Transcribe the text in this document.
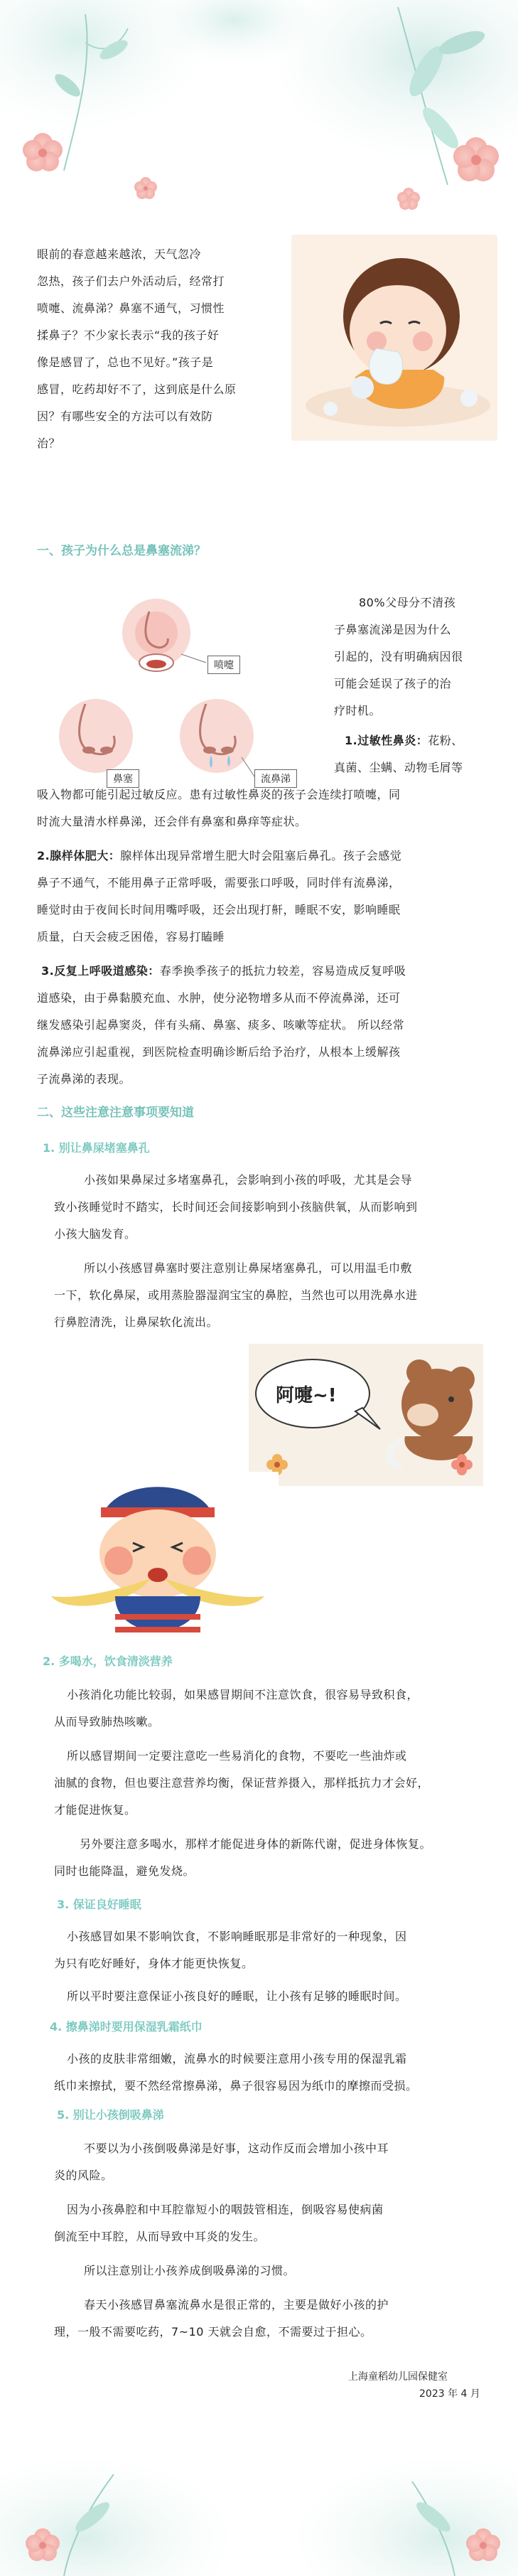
眼前的春意越来越浓，天气忽冷
忽热，孩子们去户外活动后，经常打
喷嚏、流鼻涕？鼻塞不通气，习惯性
揉鼻子？不少家长表示“我的孩子好
像是感冒了，总也不见好。”孩子是
感冒，吃药却好不了，这到底是什么原
因？有哪些安全的方法可以有效防
治？
一、孩子为什么总是鼻塞流涕？
喷嚏
鼻塞	流鼻涕
80%父母分不清孩
子鼻塞流涕是因为什么
引起的，没有明确病因很
可能会延误了孩子的治
疗时机。
1.过敏性鼻炎：花粉、
真菌、尘螨、动物毛屑等
吸入物都可能引起过敏反应。患有过敏性鼻炎的孩子会连续打喷嚏，同
时流大量清水样鼻涕，还会伴有鼻塞和鼻痒等症状。
2.腺样体肥大：腺样体出现异常增生肥大时会阻塞后鼻孔。孩子会感觉
鼻子不通气，不能用鼻子正常呼吸，需要张口呼吸，同时伴有流鼻涕，
睡觉时由于夜间长时间用嘴呼吸，还会出现打鼾，睡眠不安，影响睡眠
质量，白天会疲乏困倦，容易打瞌睡
3.反复上呼吸道感染：春季换季孩子的抵抗力较差，容易造成反复呼吸
道感染，由于鼻黏膜充血、水肿，使分泌物增多从而不停流鼻涕，还可
继发感染引起鼻窦炎，伴有头痛、鼻塞、痰多、咳嗽等症状。 所以经常
流鼻涕应引起重视，到医院检查明确诊断后给予治疗，从根本上缓解孩
子流鼻涕的表现。
二、这些注意注意事项要知道
1. 别让鼻屎堵塞鼻孔
小孩如果鼻屎过多堵塞鼻孔，会影响到小孩的呼吸，尤其是会导
致小孩睡觉时不踏实，长时间还会间接影响到小孩脑供氧，从而影响到
小孩大脑发育。
所以小孩感冒鼻塞时要注意别让鼻屎堵塞鼻孔，可以用温毛巾敷
一下，软化鼻屎，或用蒸脸器湿润宝宝的鼻腔，当然也可以用洗鼻水进
行鼻腔清洗，让鼻屎软化流出。
阿嚏~!
2. 多喝水，饮食清淡营养
小孩消化功能比较弱，如果感冒期间不注意饮食，很容易导致积食，
从而导致肺热咳嗽。
所以感冒期间一定要注意吃一些易消化的食物，不要吃一些油炸或
油腻的食物，但也要注意营养均衡，保证营养摄入，那样抵抗力才会好，
才能促进恢复。
另外要注意多喝水，那样才能促进身体的新陈代谢，促进身体恢复。
同时也能降温，避免发烧。
3. 保证良好睡眠
小孩感冒如果不影响饮食，不影响睡眠那是非常好的一种现象，因
为只有吃好睡好，身体才能更快恢复。
所以平时要注意保证小孩良好的睡眠，让小孩有足够的睡眠时间。
4. 擦鼻涕时要用保湿乳霜纸巾
小孩的皮肤非常细嫩，流鼻水的时候要注意用小孩专用的保湿乳霜
纸巾来擦拭，要不然经常擦鼻涕，鼻子很容易因为纸巾的摩擦而受损。
5. 别让小孩倒吸鼻涕
不要以为小孩倒吸鼻涕是好事，这动作反而会增加小孩中耳
炎的风险。
因为小孩鼻腔和中耳腔靠短小的咽鼓管相连，倒吸容易使病菌
倒流至中耳腔，从而导致中耳炎的发生。
所以注意别让小孩养成倒吸鼻涕的习惯。
春天小孩感冒鼻塞流鼻水是很正常的，主要是做好小孩的护
理，一般不需要吃药，7~10 天就会自愈，不需要过于担心。
上海童稻幼儿园保健室
2023 年 4 月
